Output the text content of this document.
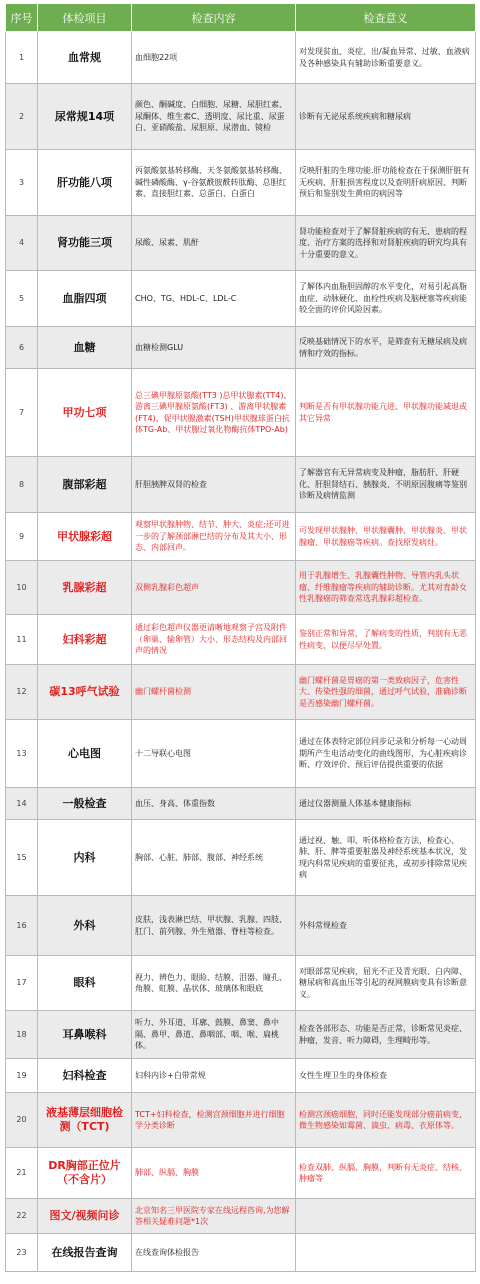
序号	体检项目	检查内容	检查意义
1	血常规	血细胞22项	对发现贫血、炎症、出/凝血异常、过敏、血液病及各种感染具有辅助诊断重要意义。
2	尿常规14项	颜色、酮碱度、白细胞、尿糖、尿胆红素、尿酮体、维生素C、透明度、尿比重、尿蛋白、亚硝酸盐、尿胆原、尿潜血、镜检	诊断有无泌尿系统疾病和糖尿病
3	肝功能八项	丙氨酸氨基转移酶、天冬氨酸氨基转移酶、碱性磷酸酶、γ-谷氨酰胺酰转肽酶、总胆红素、直接胆红素、总蛋白、白蛋白	反映肝脏的生理功能.肝功能检查在于探测肝脏有无疾病、肝脏损害程度以及查明肝病原因、判断预后和鉴别发生黄疸的病因等
4	肾功能三项	尿酸、尿素、肌酐	肾功能检查对于了解肾脏疾病的有无、患病的程度、治疗方案的选择和对肾脏疾病的研究均具有十分重要的意义。
5	血脂四项	CHO、TG、HDL-C、LDL-C	了解体内血脂胆固醇的水平变化，对易引起高脂血症、动脉硬化、血栓性疾病及脑梗塞等疾病能较全面的评价风险因素。
6	血糖	血糖检测GLU	反映基础情况下的水平，是筛查有无糖尿病及病情和疗效的指标。
7	甲功七项	总三碘甲腺原氨酸(TT3 )总甲状腺素(TT4)、游离三碘甲腺原氨酸(FT3) 、游离甲状腺素(FT4)、促甲状腺激素(TSH)甲状腺球蛋白抗体TG-Ab、甲状腺过氧化物酶抗体TPO-Ab)	判断是否有甲状腺功能亢进、甲状腺功能减退或其它异常
8	腹部彩超	肝胆胰脾双肾的检查	了解器官有无异常病变及肿瘤，脂肪肝、肝硬化、肝胆肾结石、胰腺炎、不明原因腹痛等鉴别诊断及病情监测
9	甲状腺彩超	观察甲状腺肿物、结节、肿大、炎症;还可进一步的了解颈部淋巴结的分布及其大小、形态、内部回声。	可发现甲状腺肿、甲状腺囊肿、甲状腺炎、甲状腺瘤、甲状腺癌等疾病。查找原发病灶。
10	乳腺彩超	双侧乳腺彩色超声	用于乳腺增生、乳腺囊性肿物、导管内乳头状瘤、纤维腺瘤等疾病的辅助诊断。尤其对育龄女性乳腺癌的筛查常选乳腺彩超检查。
11	妇科彩超	通过彩色超声仪器更清晰地观察子宫及附件（卵巢、输卵管）大小、形态结构及内部回声的情况	鉴别正常和异常，了解病变的性质，判别有无恶性病变，以便尽早处置。
12	碳13呼气试验	幽门螺杆菌检测	幽门螺杆菌是胃癌的第一类致病因子，危害性大、传染性强的细菌，通过呼气试验，准确诊断是否感染幽门螺杆菌。
13	心电图	十二导联心电图	通过在体表特定部位同步记录和分析每一心动周期所产生电活动变化的曲线图形，为心脏疾病诊断、疗效评价、预后评估提供重要的依据
14	一般检查	血压、身高、体重指数	通过仪器测量人体基本健康指标
15	内科	胸部、心脏、肺部、腹部、神经系统	通过视、触、叩、听体格检查方法，检查心、肺、肝、脾等重要脏器及神经系统基本状况，发现内科常见疾病的重要征兆，或初步排除常见疾病
16	外科	皮肤，浅表淋巴结、甲状腺、乳腺、四肢、肛门、前列腺、外生殖器、脊柱等检查。	外科常规检查
17	眼科	视力、辨色力、眼睑、结膜、泪器、瞳孔、角膜、虹膜、晶状体、玻璃体和眼底	对眼部常见疾病，屈光不正及青光眼、白内障、糖尿病和高血压等引起的视网膜病变具有诊断意义。
18	耳鼻喉科	听力、外耳道、耳廓、鼓膜、鼻窦、鼻中隔、鼻甲、鼻道、鼻咽部、咽、喉、扁桃体。	检查各部形态、功能是否正常，诊断常见炎症、肿瘤，发音、听力障碍，生理畸形等。
19	妇科检查	妇科内诊+白带常规	女性生理卫生的身体检查
20	液基薄层细胞检测（TCT)	TCT+妇科检查，检测宫颈细胞并进行细胞学分类诊断	检测宫颈癌细胞，同时还能发现部分癌前病变，微生物感染如霉菌、滴虫、病毒、衣原体等。
21	DR胸部正位片（不含片）	肺部、纵膈、胸膜	检查双肺、纵膈、胸膜，判断有无炎症、结核、肿瘤等
22	图文/视频问诊	北京知名三甲医院专家在线远程咨询,为您解答相关疑难问题*1次	
23	在线报告查询	在线查询体检报告	
